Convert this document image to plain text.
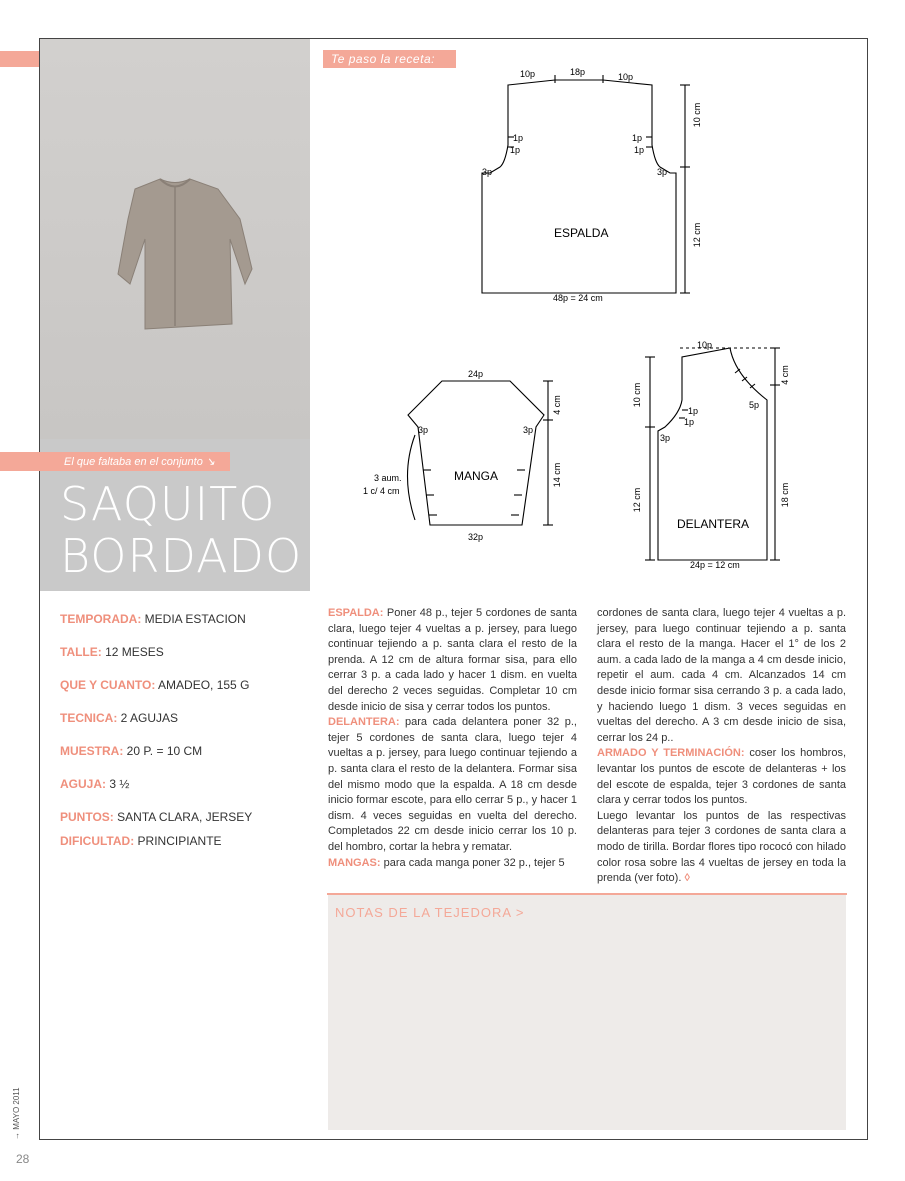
El que faltaba en el conjunto ↘
SAQUITO
BORDADO
Te paso la receta:
10p	18p	10p
1p
1p
1p
1p
3p	3p
ESPALDA
48p = 24 cm
10 cm
12 cm
24p
3p	3p
MANGA
3 aum.
1 c/ 4 cm
32p
4 cm
14 cm
10p
1p
1p
3p
5p
DELANTERA
24p = 12 cm
10 cm
12 cm
4 cm
18 cm
TEMPORADA: MEDIA ESTACION
TALLE: 12 MESES
QUE Y CUANTO: AMADEO, 155 G
TECNICA: 2 AGUJAS
MUESTRA: 20 P. = 10 CM
AGUJA: 3 ½
PUNTOS: SANTA CLARA, JERSEY
DIFICULTAD: PRINCIPIANTE
ESPALDA: Poner 48 p., tejer 5 cordones de santa clara, luego tejer 4 vueltas a p. jersey, para luego continuar tejiendo a p. santa clara el resto de la prenda. A 12 cm de altura formar sisa, para ello cerrar 3 p. a cada lado y hacer 1 dism. en vuelta del derecho 2 veces seguidas. Completar 10 cm desde inicio de sisa y cerrar todos los puntos.
DELANTERA: para cada delantera poner 32 p., tejer 5 cordones de santa clara, luego tejer 4 vueltas a p. jersey, para luego continuar tejiendo a p. santa clara el resto de la delantera. Formar sisa del mismo modo que la espalda. A 18 cm desde inicio formar escote, para ello cerrar 5 p., y hacer 1 dism. 4 veces seguidas en vuelta del derecho. Completados 22 cm desde inicio cerrar los 10 p. del hombro, cortar la hebra y rematar.
MANGAS: para cada manga poner 32 p., tejer 5
cordones de santa clara, luego tejer 4 vueltas a p. jersey, para luego continuar tejiendo a p. santa clara el resto de la manga. Hacer el 1° de los 2 aum. a cada lado de la manga a 4 cm desde inicio, repetir el aum. cada 4 cm. Alcanzados 14 cm desde inicio formar sisa cerrando 3 p. a cada lado, y haciendo luego 1 dism. 3 veces seguidas en vueltas del derecho. A 3 cm desde inicio de sisa, cerrar los 24 p..
ARMADO Y TERMINACIÓN: coser los hombros, levantar los puntos de escote de delanteras + los del escote de espalda, tejer 3 cordones de santa clara y cerrar todos los puntos.
Luego levantar los puntos de las respectivas delanteras para tejer 3 cordones de santa clara a modo de tirilla. Bordar flores tipo rococó con hilado color rosa sobre las 4 vueltas de jersey en toda la prenda (ver foto). ◊
NOTAS DE LA TEJEDORA >
→ MAYO 2011
28
